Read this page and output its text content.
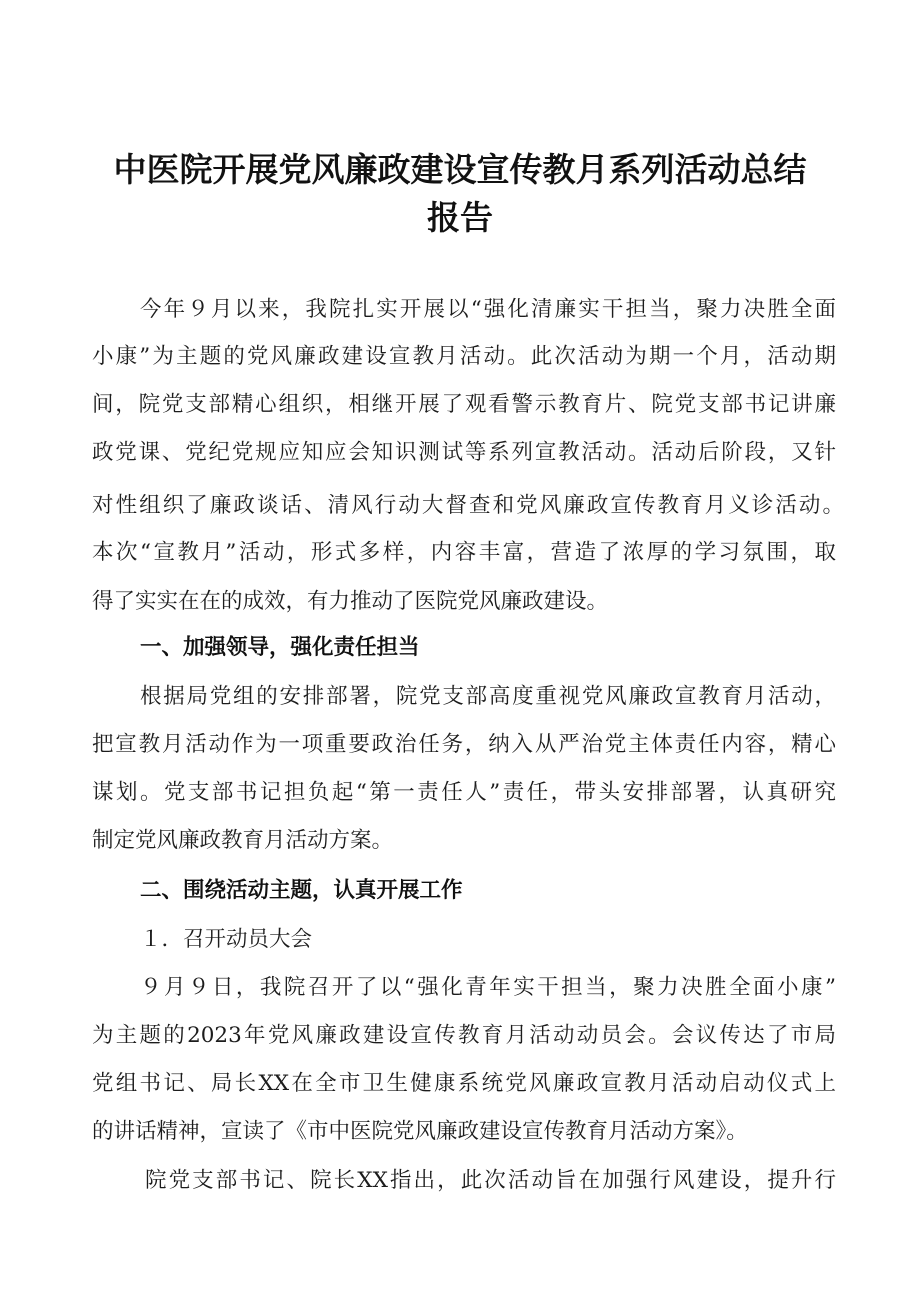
中医院开展党风廉政建设宣传教月系列活动总结
报告

今年９月以来，我院扎实开展以“强化清廉实干担当，聚力决胜全面

小康”为主题的党风廉政建设宣教月活动。此次活动为期一个月，活动期

间，院党支部精心组织，相继开展了观看警示教育片、院党支部书记讲廉

政党课、党纪党规应知应会知识测试等系列宣教活动。活动后阶段，又针

对性组织了廉政谈话、清风行动大督查和党风廉政宣传教育月义诊活动。

本次“宣教月”活动，形式多样，内容丰富，营造了浓厚的学习氛围，取

得了实实在在的成效，有力推动了医院党风廉政建设。

一、加强领导，强化责任担当

根据局党组的安排部署，院党支部高度重视党风廉政宣教育月活动，

把宣教月活动作为一项重要政治任务，纳入从严治党主体责任内容，精心

谋划。党支部书记担负起“第一责任人”责任，带头安排部署，认真研究

制定党风廉政教育月活动方案。

二、围绕活动主题，认真开展工作

１．召开动员大会

９月９日，我院召开了以“强化青年实干担当，聚力决胜全面小康”

为主题的2023年党风廉政建设宣传教育月活动动员会。会议传达了市局

党组书记、局长XX在全市卫生健康系统党风廉政宣教月活动启动仪式上

的讲话精神，宣读了《市中医院党风廉政建设宣传教育月活动方案》。

院党支部书记、院长XX指出，此次活动旨在加强行风建设，提升行
